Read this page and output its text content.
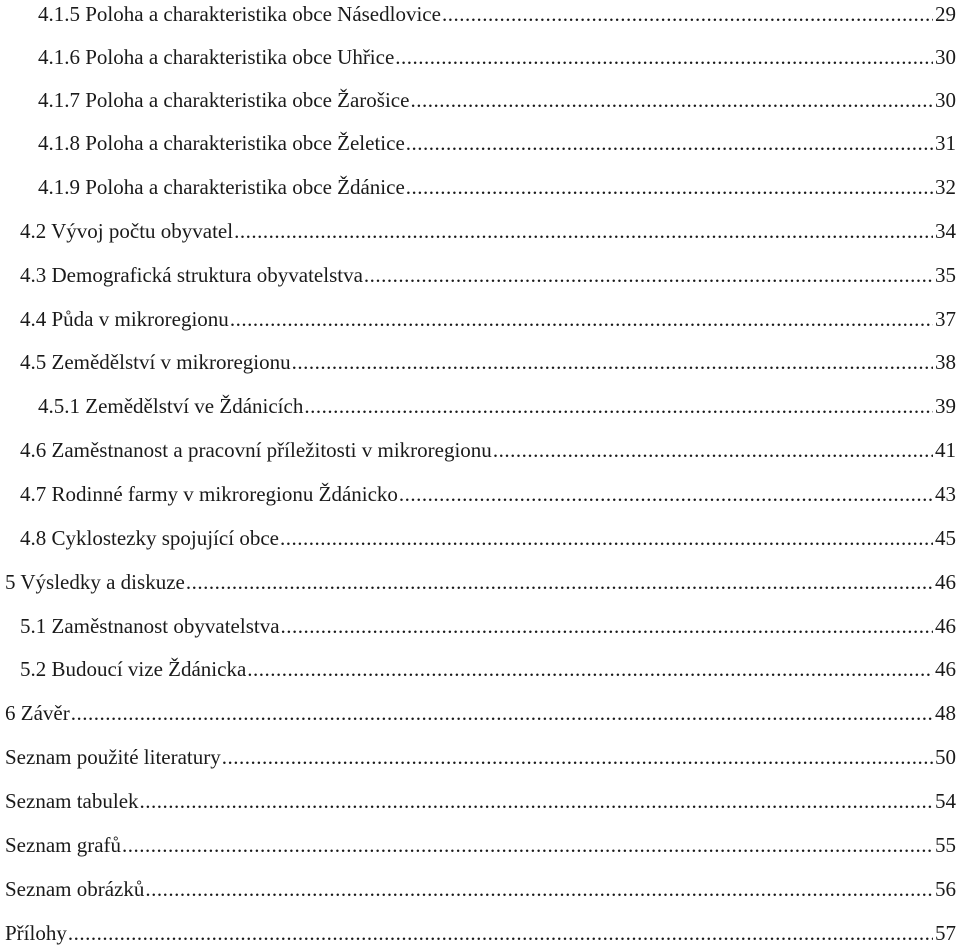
4.1.5 Poloha a charakteristika obce Násedlovice .....	29
4.1.6 Poloha a charakteristika obce Uhřice .....	30
4.1.7 Poloha a charakteristika obce Žarošice .....	30
4.1.8 Poloha a charakteristika obce Želetice .....	31
4.1.9 Poloha a charakteristika obce Ždánice .....	32
4.2 Vývoj počtu obyvatel .....	34
4.3 Demografická struktura obyvatelstva .....	35
4.4 Půda v mikroregionu .....	37
4.5 Zemědělství v mikroregionu .....	38
4.5.1 Zemědělství ve Ždánicích .....	39
4.6 Zaměstnanost a pracovní příležitosti v mikroregionu .....	41
4.7 Rodinné farmy v mikroregionu Ždánicko .....	43
4.8 Cyklostezky spojující obce .....	45
5 Výsledky a diskuze .....	46
5.1 Zaměstnanost obyvatelstva .....	46
5.2 Budoucí vize Ždánicka .....	46
6 Závěr .....	48
Seznam použité literatury .....	50
Seznam tabulek .....	54
Seznam grafů .....	55
Seznam obrázků .....	56
Přílohy .....	57
